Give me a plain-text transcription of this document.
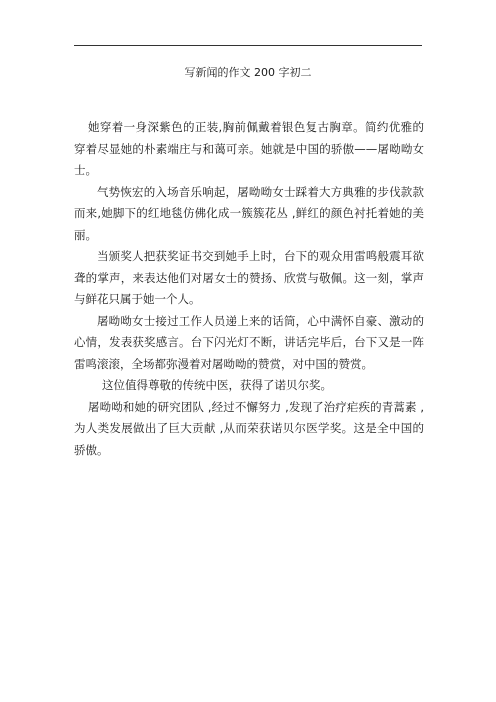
写新闻的作文 200 字初二

她穿着一身深紫色的正装,胸前佩戴着银色复古胸章。简约优雅的穿着尽显她的朴素端庄与和蔼可亲。她就是中国的骄傲——屠呦呦女士。

气势恢宏的入场音乐响起，屠呦呦女士踩着大方典雅的步伐款款而来,她脚下的红地毯仿佛化成一簇簇花丛 ,鲜红的颜色衬托着她的美丽。

当颁奖人把获奖证书交到她手上时，台下的观众用雷鸣般震耳欲聋的掌声，来表达他们对屠女士的赞扬、欣赏与敬佩。这一刻，掌声与鲜花只属于她一个人。

屠呦呦女士接过工作人员递上来的话筒，心中满怀自豪、激动的心情，发表获奖感言。台下闪光灯不断，讲话完毕后，台下又是一阵雷鸣滚滚，全场都弥漫着对屠呦呦的赞赏，对中国的赞赏。

这位值得尊敬的传统中医，获得了诺贝尔奖。

屠呦呦和她的研究团队 ,经过不懈努力 ,发现了治疗疟疾的青蒿素 ,为人类发展做出了巨大贡献 ,从而荣获诺贝尔医学奖。这是全中国的骄傲。
